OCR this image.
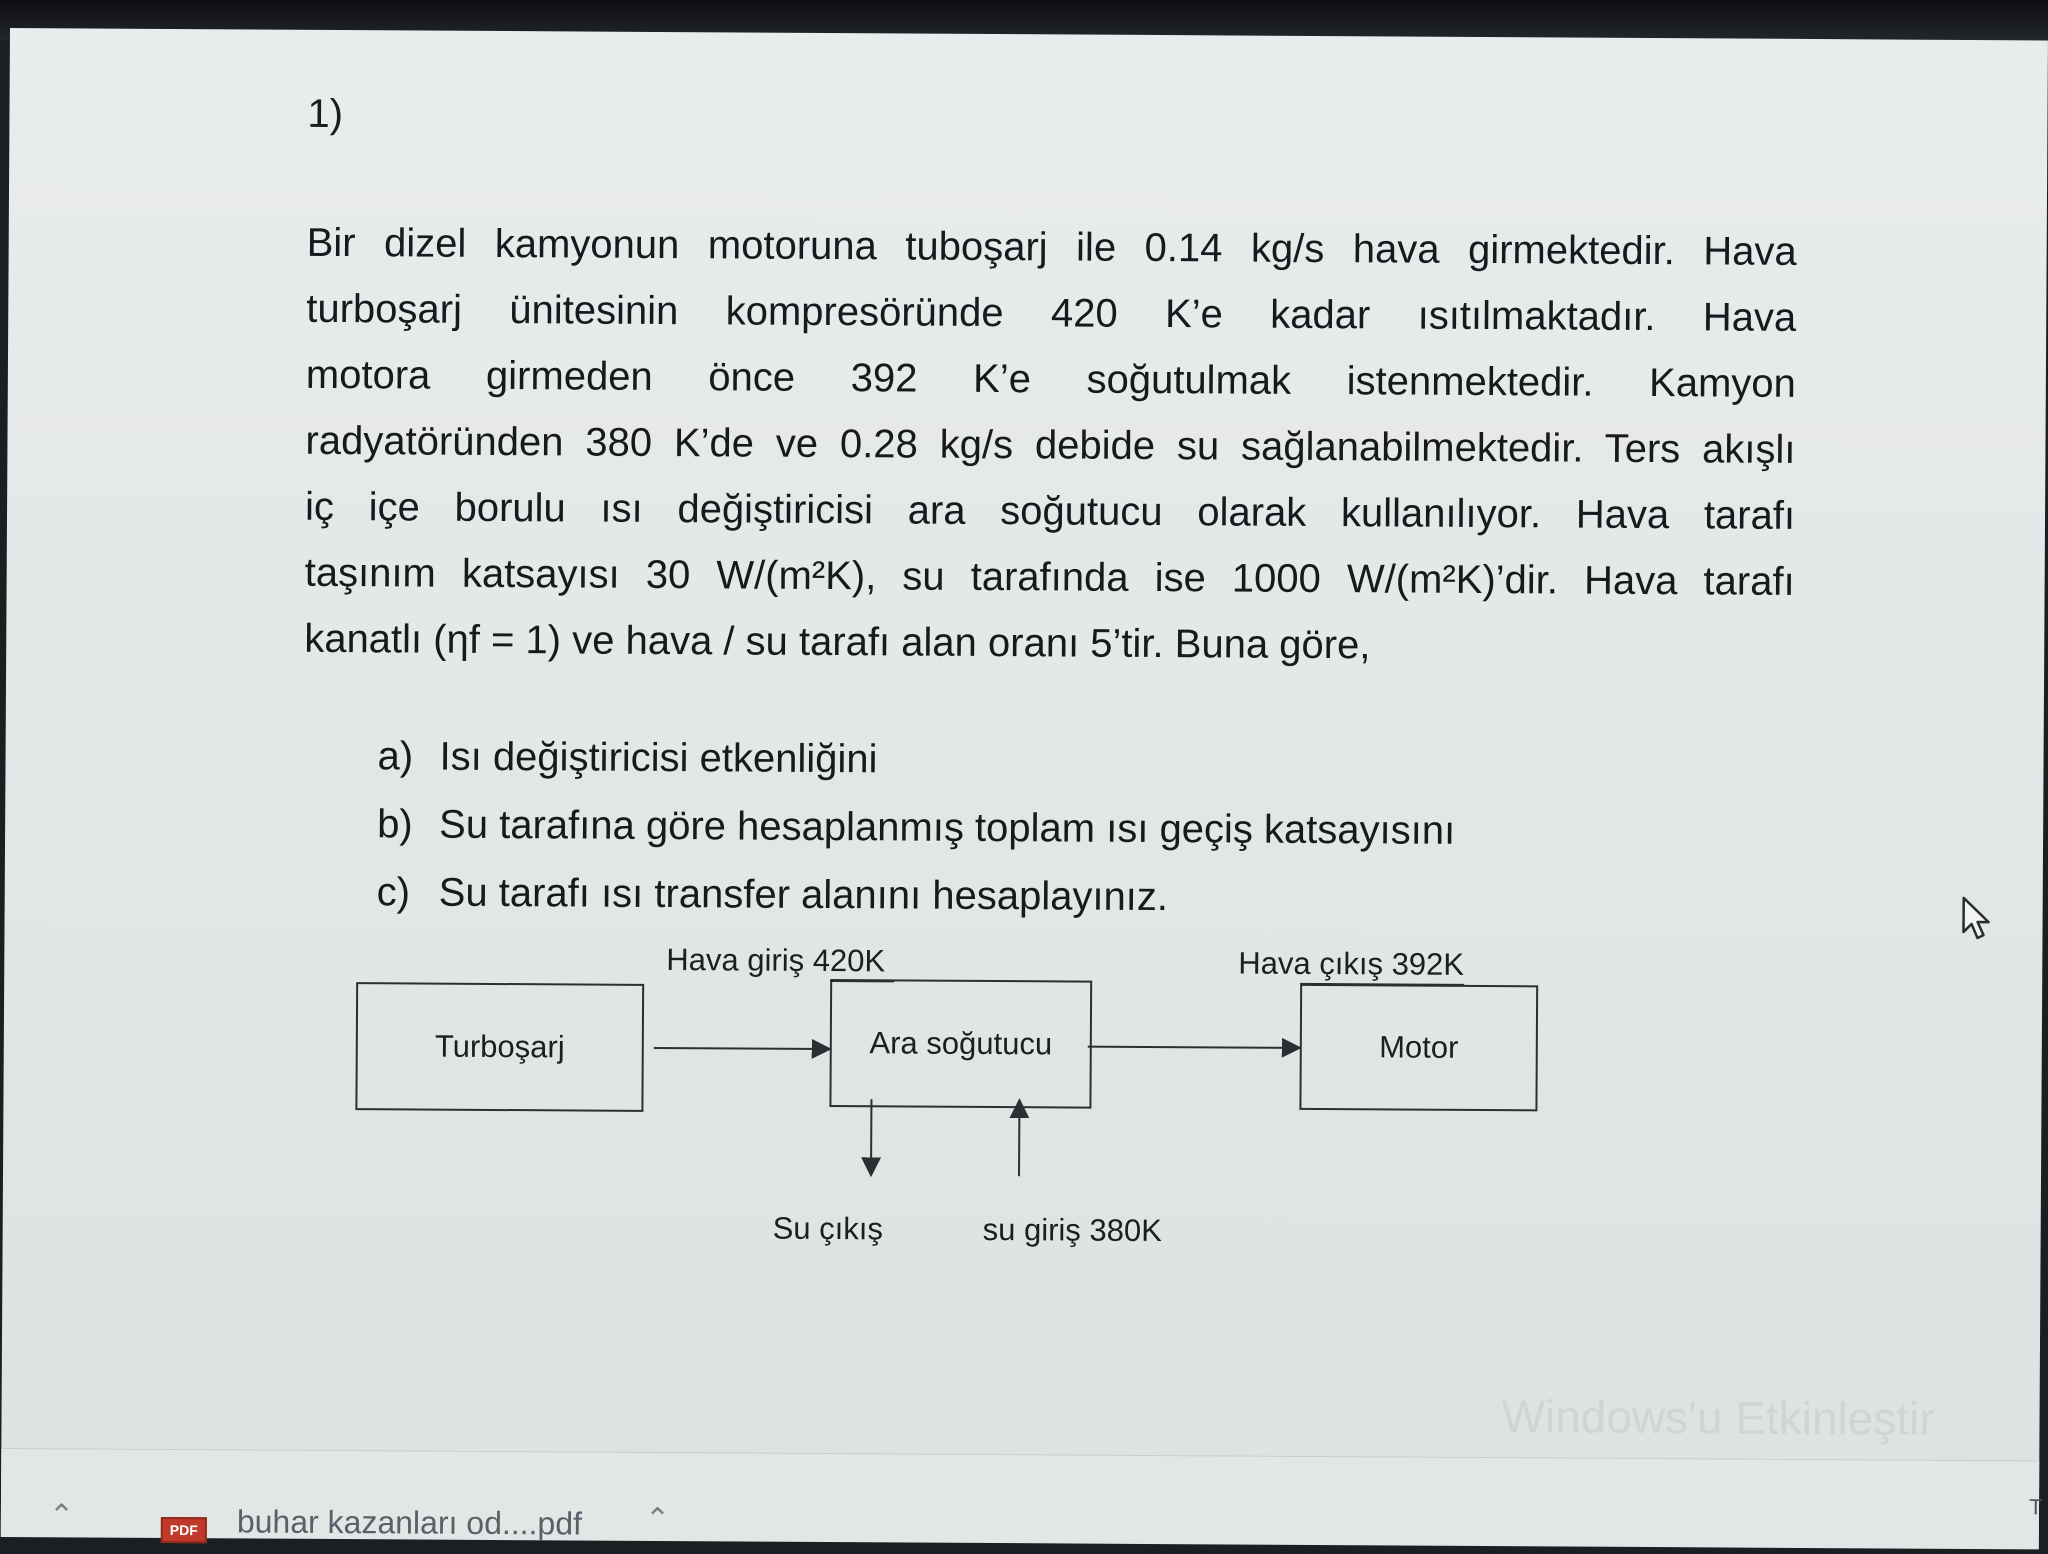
1)
Bir dizel kamyonun motoruna tuboşarj ile 0.14 kg/s hava girmektedir. Hava
turboşarj ünitesinin kompresöründe 420 K’e kadar ısıtılmaktadır. Hava
motora girmeden önce 392 K’e soğutulmak istenmektedir. Kamyon
radyatöründen 380 K’de ve 0.28 kg/s debide su sağlanabilmektedir. Ters akışlı
iç içe borulu ısı değiştiricisi ara soğutucu olarak kullanılıyor. Hava tarafı
taşınım katsayısı 30 W/(m²K), su tarafında ise 1000 W/(m²K)’dir. Hava tarafı
kanatlı (ηf = 1) ve hava / su tarafı alan oranı 5’tir. Buna göre,
a) Isı değiştiricisi etkenliğini
b) Su tarafına göre hesaplanmış toplam ısı geçiş katsayısını
c) Su tarafı ısı transfer alanını hesaplayınız.
Turboşarj	Ara soğutucu	Motor
Hava giriş 420K	Hava çıkış 392K
Su çıkış	su giriş 380K
Windows'u Etkinleştir
⌃	PDF buhar kazanları od....pdf ⌃	T
